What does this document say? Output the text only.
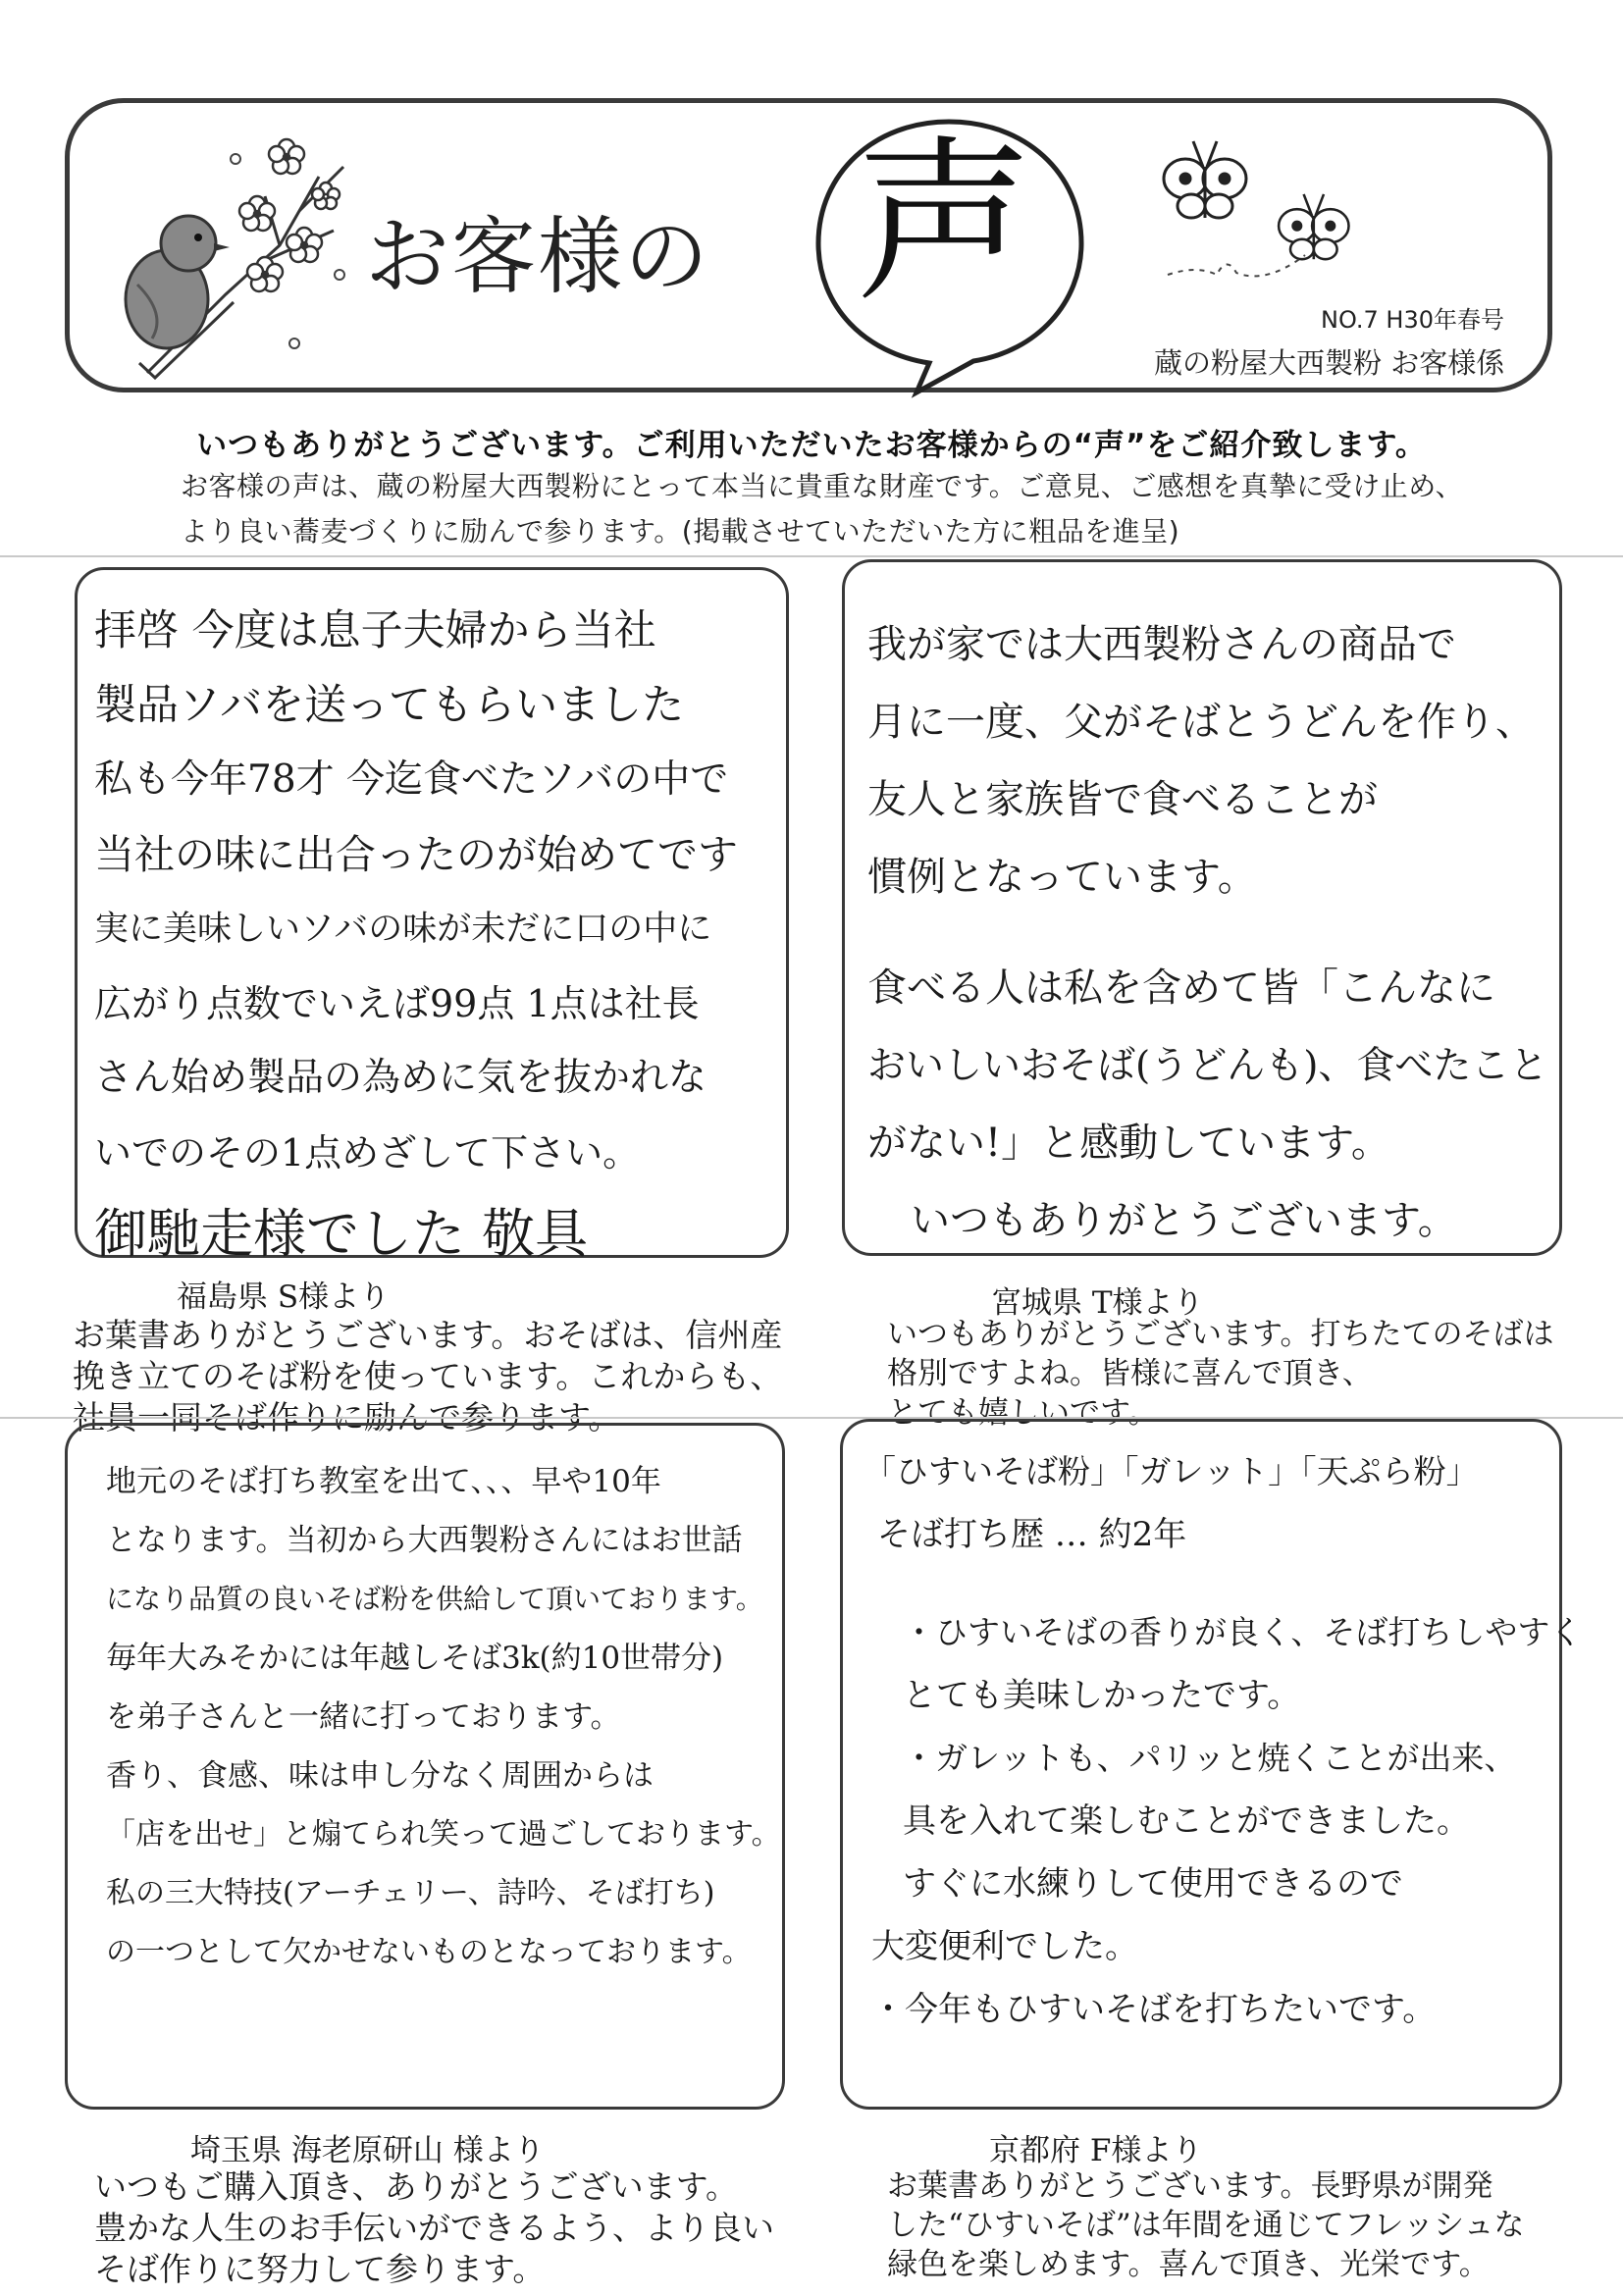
お客様の 声	NO.7 H30年春号
蔵の粉屋大西製粉 お客様係
いつもありがとうございます。ご利用いただいたお客様からの“声”をご紹介致します。
お客様の声は、蔵の粉屋大西製粉にとって本当に貴重な財産です。ご意見、ご感想を真摯に受け止め、
より良い蕎麦づくりに励んで参ります。(掲載させていただいた方に粗品を進呈)
拝啓 今度は息子夫婦から当社
製品ソバを送ってもらいました
私も今年78才 今迄食べたソバの中で
当社の味に出合ったのが始めてです
実に美味しいソバの味が未だに口の中に
広がり点数でいえば99点 1点は社長
さん始め製品の為めに気を抜かれな
いでのその1点めざして下さい。
御馳走様でした 敬具
福島県 S様より
お葉書ありがとうございます。おそばは、信州産
挽き立てのそば粉を使っています。これからも、
社員一同そば作りに励んで参ります。
我が家では大西製粉さんの商品で
月に一度、父がそばとうどんを作り、
友人と家族皆で食べることが
慣例となっています。
食べる人は私を含めて皆「こんなに
おいしいおそば(うどんも)、食べたこと
がない!」と感動しています。
いつもありがとうございます。
宮城県 T様より
いつもありがとうございます。打ちたてのそばは
格別ですよね。皆様に喜んで頂き、
とても嬉しいです。
地元のそば打ち教室を出て、、、早や10年
となります。当初から大西製粉さんにはお世話
になり品質の良いそば粉を供給して頂いております。
毎年大みそかには年越しそば3k(約10世帯分)
を弟子さんと一緒に打っております。
香り、食感、味は申し分なく周囲からは
「店を出せ」と煽てられ笑って過ごしております。
私の三大特技(アーチェリー、詩吟、そば打ち)
の一つとして欠かせないものとなっております。
埼玉県 海老原研山 様より
いつもご購入頂き、ありがとうございます。
豊かな人生のお手伝いができるよう、より良い
そば作りに努力して参ります。
「ひすいそば粉」「ガレット」「天ぷら粉」
そば打ち歴 … 約2年
・ひすいそばの香りが良く、そば打ちしやすく
とても美味しかったです。
・ガレットも、パリッと焼くことが出来、
具を入れて楽しむことができました。
すぐに水練りして使用できるので
大変便利でした。
・今年もひすいそばを打ちたいです。
京都府 F様より
お葉書ありがとうございます。長野県が開発
した“ひすいそば”は年間を通じてフレッシュな
緑色を楽しめます。喜んで頂き、光栄です。
